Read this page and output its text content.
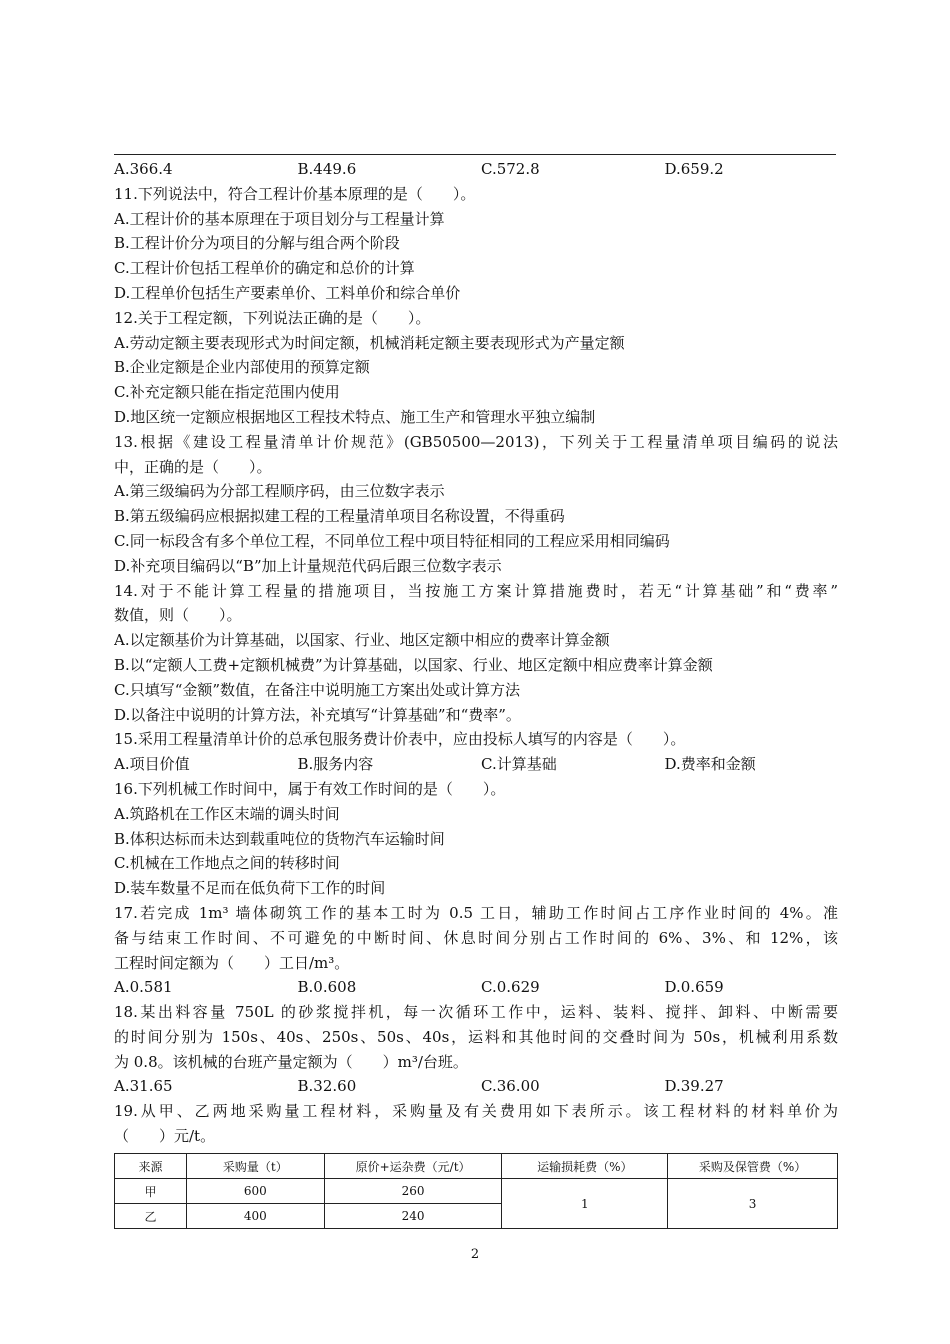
A.366.4	B.449.6	C.572.8	D.659.2
11.下列说法中，符合工程计价基本原理的是（　　）。
A.工程计价的基本原理在于项目划分与工程量计算
B.工程计价分为项目的分解与组合两个阶段
C.工程计价包括工程单价的确定和总价的计算
D.工程单价包括生产要素单价、工料单价和综合单价
12.关于工程定额，下列说法正确的是（　　）。
A.劳动定额主要表现形式为时间定额，机械消耗定额主要表现形式为产量定额
B.企业定额是企业内部使用的预算定额
C.补充定额只能在指定范围内使用
D.地区统一定额应根据地区工程技术特点、施工生产和管理水平独立编制
13.根据《建设工程量清单计价规范》(GB50500—2013)，下列关于工程量清单项目编码的说法
中，正确的是（　　）。
A.第三级编码为分部工程顺序码，由三位数字表示
B.第五级编码应根据拟建工程的工程量清单项目名称设置，不得重码
C.同一标段含有多个单位工程，不同单位工程中项目特征相同的工程应采用相同编码
D.补充项目编码以“B”加上计量规范代码后跟三位数字表示
14.对于不能计算工程量的措施项目，当按施工方案计算措施费时，若无“计算基础”和“费率”
数值，则（　　）。
A.以定额基价为计算基础，以国家、行业、地区定额中相应的费率计算金额
B.以“定额人工费+定额机械费”为计算基础，以国家、行业、地区定额中相应费率计算金额
C.只填写“金额”数值，在备注中说明施工方案出处或计算方法
D.以备注中说明的计算方法，补充填写“计算基础”和“费率”。
15.采用工程量清单计价的总承包服务费计价表中，应由投标人填写的内容是（　　）。
A.项目价值	B.服务内容	C.计算基础	D.费率和金额
16.下列机械工作时间中，属于有效工作时间的是（　　）。
A.筑路机在工作区末端的调头时间
B.体积达标而未达到载重吨位的货物汽车运输时间
C.机械在工作地点之间的转移时间
D.装车数量不足而在低负荷下工作的时间
17.若完成 1m³ 墙体砌筑工作的基本工时为 0.5 工日，辅助工作时间占工序作业时间的 4%。准
备与结束工作时间、不可避免的中断时间、休息时间分别占工作时间的 6%、3%、和 12%，该
工程时间定额为（　　）工日/m³。
A.0.581	B.0.608	C.0.629	D.0.659
18.某出料容量 750L 的砂浆搅拌机，每一次循环工作中，运料、装料、搅拌、卸料、中断需要
的时间分别为 150s、40s、250s、50s、40s，运料和其他时间的交叠时间为 50s，机械利用系数
为 0.8。该机械的台班产量定额为（　　）m³/台班。
A.31.65	B.32.60	C.36.00	D.39.27
19.从甲、乙两地采购量工程材料，采购量及有关费用如下表所示。该工程材料的材料单价为
（　　）元/t。
来源	采购量（t）	原价+运杂费（元/t）	运输损耗费（%）	采购及保管费（%）
甲	600	260	1	3
乙	400	240		
2
